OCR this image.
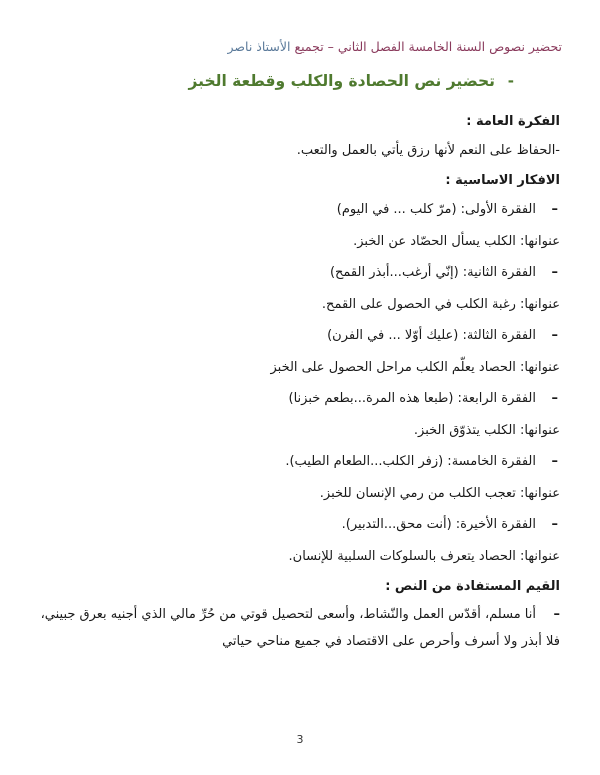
تحضير نصوص السنة الخامسة الفصل الثاني – تجميع الأستاذ ناصر
-
تحضير نص الحصادة والكلب وقطعة الخبز
الفكرة العامة :
-الحفاظ على النعم لأنها رزق يأتي بالعمل والتعب.
الافكار الاساسية :
–الفقرة الأولى: (مرّ كلب ... في اليوم)
عنوانها: الكلب يسأل الحصّاد عن الخبز.
–الفقرة الثانية: (إنّي أرغب...أبذر القمح)
عنوانها: رغبة الكلب في الحصول على القمح.
–الفقرة الثالثة: (عليك أوّلا ... في الفرن)
عنوانها: الحصاد يعلّم الكلب مراحل الحصول على الخبز
–الفقرة الرابعة: (طبعا هذه المرة...بطعم خبزنا)
عنوانها: الكلب يتذوّق الخبز.
–الفقرة الخامسة: (زفر الكلب...الطعام الطيب).
عنوانها: تعجب الكلب من رمي الإنسان للخبز.
–الفقرة الأخيرة: (أنت محق...التدبير).
عنوانها: الحصاد يتعرف بالسلوكات السلبية للإنسان.
القيم المستفادة من النص :
–أنا مسلم، أقدّس العمل والنّشاط، وأسعى لتحصيل قوتي من حُرِّ مالي الذي أجنيه بعرق جبيني، فلا أبذر ولا أسرف وأحرص على الاقتصاد في جميع مناحي حياتي
3
